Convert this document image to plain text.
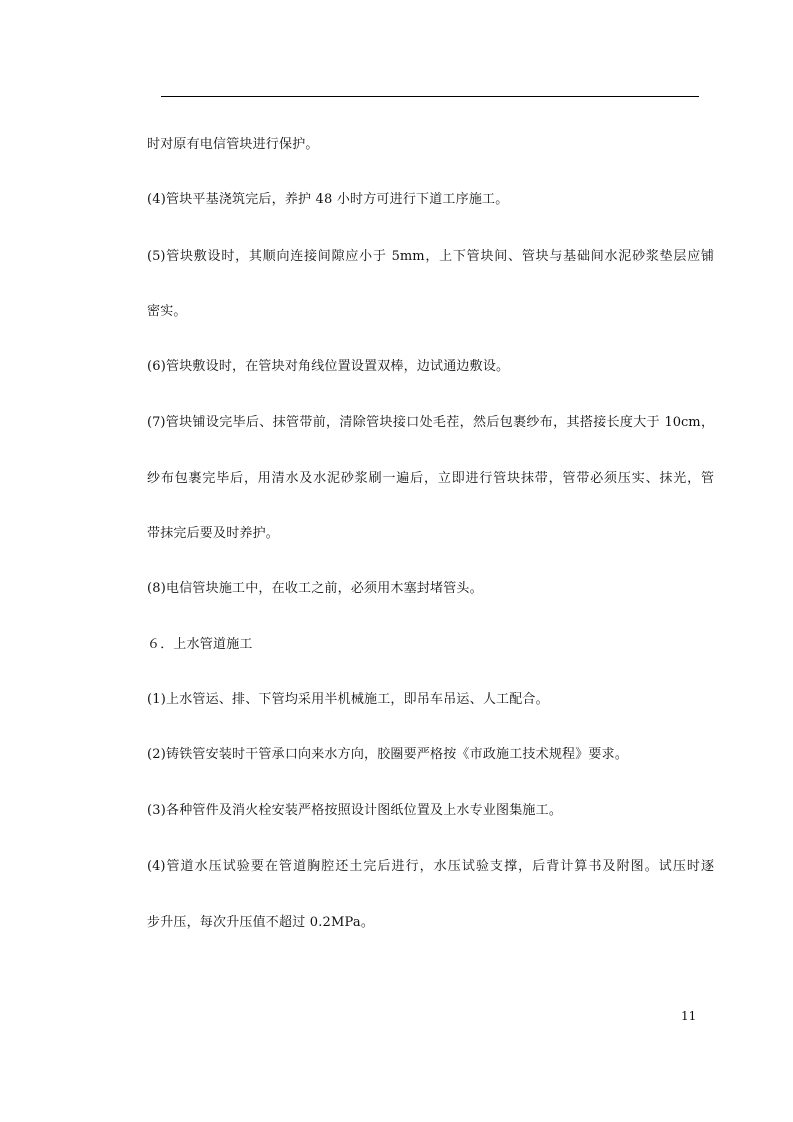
时对原有电信管块进行保护。
(4)管块平基浇筑完后，养护 48 小时方可进行下道工序施工。
(5)管块敷设时，其顺向连接间隙应小于 5mm，上下管块间、管块与基础间水泥砂浆垫层应铺
密实。
(6)管块敷设时，在管块对角线位置设置双棒，边试通边敷设。
(7)管块铺设完毕后、抹管带前，清除管块接口处毛茬，然后包裹纱布，其搭接长度大于 10cm，
纱布包裹完毕后，用清水及水泥砂浆刷一遍后，立即进行管块抹带，管带必须压实、抹光，管
带抹完后要及时养护。
(8)电信管块施工中，在收工之前，必须用木塞封堵管头。
６．上水管道施工
(1)上水管运、排、下管均采用半机械施工，即吊车吊运、人工配合。
(2)铸铁管安装时干管承口向来水方向，胶圈要严格按《市政施工技术规程》要求。
(3)各种管件及消火栓安装严格按照设计图纸位置及上水专业图集施工。
(4)管道水压试验要在管道胸腔还土完后进行，水压试验支撑，后背计算书及附图。试压时逐
步升压，每次升压值不超过 0.2MPa。
11
